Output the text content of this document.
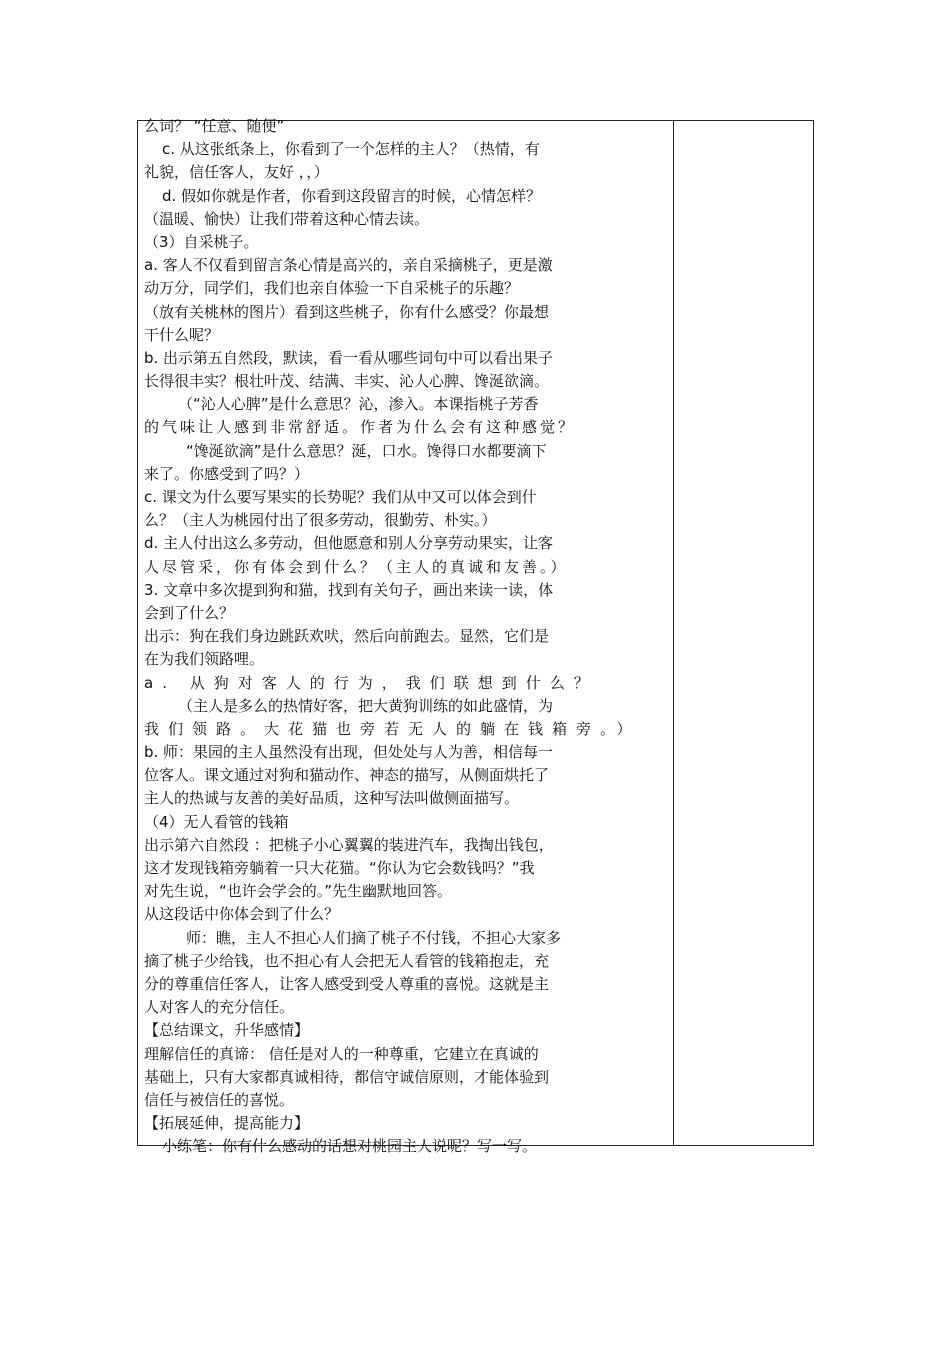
么词？ “任意、随便”
c. 从这张纸条上，你看到了一个怎样的主人？（热情，有
礼貌，信任客人，友好 ，，）
d. 假如你就是作者，你看到这段留言的时候，心情怎样？
（温暖、愉快）让我们带着这种心情去读。
（3）自采桃子。
a. 客人不仅看到留言条心情是高兴的，亲自采摘桃子，更是激
动万分，同学们，我们也亲自体验一下自采桃子的乐趣？
（放有关桃林的图片）看到这些桃子，你有什么感受？你最想
干什么呢？
b. 出示第五自然段，默读，看一看从哪些词句中可以看出果子
长得很丰实？根壮叶茂、结满、丰实、沁人心脾、馋涎欲滴。
（“沁人心脾”是什么意思？沁，渗入。本课指桃子芳香
的气味让人感到非常舒适。作者为什么会有这种感觉？
“馋涎欲滴”是什么意思？涎，口水。馋得口水都要滴下
来了。你感受到了吗？）
c. 课文为什么要写果实的长势呢？我们从中又可以体会到什
么？（主人为桃园付出了很多劳动，很勤劳、朴实。）
d. 主人付出这么多劳动，但他愿意和别人分享劳动果实，让客
人尽管采，你有体会到什么？（主人的真诚和友善。）
3. 文章中多次提到狗和猫，找到有关句子，画出来读一读，体
会到了什么？
出示：狗在我们身边跳跃欢吠，然后向前跑去。显然，它们是
在为我们领路哩。
a. 从狗对客人的行为，我们联想到什么？
（主人是多么的热情好客，把大黄狗训练的如此盛情，为
我们领路。大花猫也旁若无人的躺在钱箱旁。）
b. 师：果园的主人虽然没有出现，但处处与人为善，相信每一
位客人。课文通过对狗和猫动作、神态的描写，从侧面烘托了
主人的热诚与友善的美好品质，这种写法叫做侧面描写。
（4）无人看管的钱箱
出示第六自然段 ：把桃子小心翼翼的装进汽车，我掏出钱包，
这才发现钱箱旁躺着一只大花猫。“你认为它会数钱吗？”我
对先生说，“也许会学会的。”先生幽默地回答。
从这段话中你体会到了什么？
师：瞧，主人不担心人们摘了桃子不付钱，不担心大家多
摘了桃子少给钱，也不担心有人会把无人看管的钱箱抱走，充
分的尊重信任客人，让客人感受到受人尊重的喜悦。这就是主
人对客人的充分信任。
【总结课文，升华感情】
理解信任的真谛： 信任是对人的一种尊重，它建立在真诚的
基础上，只有大家都真诚相待，都信守诚信原则，才能体验到
信任与被信任的喜悦。
【拓展延伸，提高能力】
小练笔：你有什么感动的话想对桃园主人说呢？写一写。
